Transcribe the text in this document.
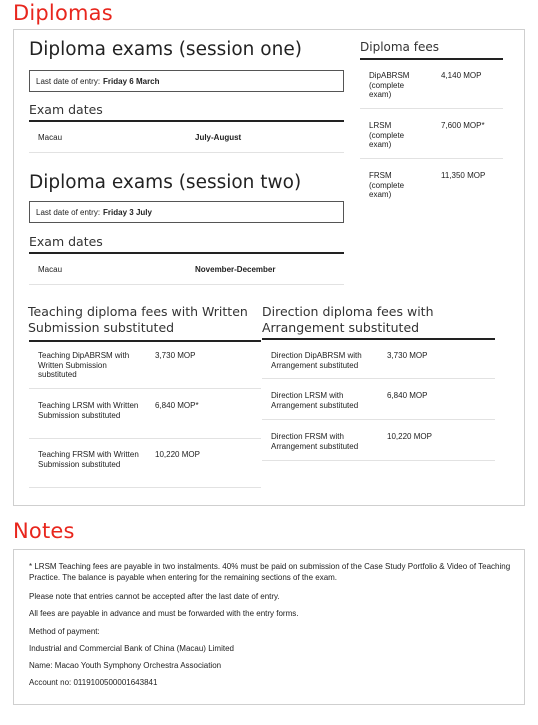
Diplomas
Diploma exams (session one)
Last date of entry: Friday 6 March
Exam dates
Macau	July-August
Diploma exams (session two)
Last date of entry: Friday 3 July
Exam dates
Macau	November-December
Diploma fees
DipABRSM (complete exam)
4,140 MOP
LRSM (complete exam)
7,600 MOP*
FRSM (complete exam)
11,350 MOP
Teaching diploma fees with Written Submission substituted
Teaching DipABRSM with Written Submission substituted
3,730 MOP
Teaching LRSM with Written Submission substituted
6,840 MOP*
Teaching FRSM with Written Submission substituted
10,220 MOP
Direction diploma fees with Arrangement substituted
Direction DipABRSM with Arrangement substituted
3,730 MOP
Direction LRSM with Arrangement substituted
6,840 MOP
Direction FRSM with Arrangement substituted
10,220 MOP
Notes

* LRSM Teaching fees are payable in two instalments. 40% must be paid on submission of the Case Study Portfolio & Video of Teaching Practice. The balance is payable when entering for the remaining sections of the exam.

Please note that entries cannot be accepted after the last date of entry.

All fees are payable in advance and must be forwarded with the entry forms.

Method of payment:

Industrial and Commercial Bank of China (Macau) Limited

Name: Macao Youth Symphony Orchestra Association

Account no: 0119100500001643841
